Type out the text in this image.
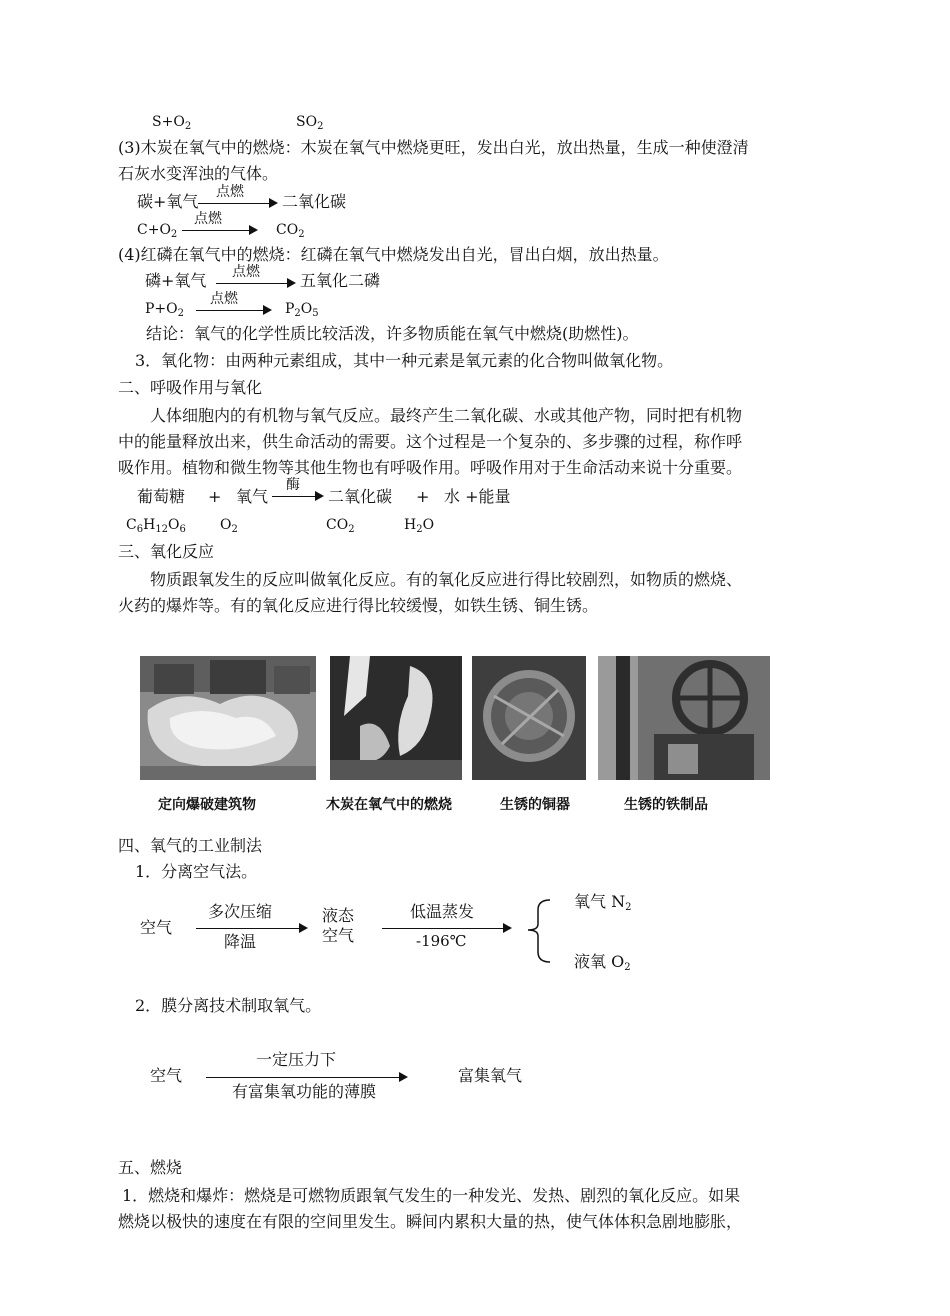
$S+O_2$	$SO_2$
(3)木炭在氧气中的燃烧：木炭在氧气中燃烧更旺，发出白光，放出热量，生成一种使澄清
石灰水变浑浊的气体。
碳+氧气 点燃 二氧化碳
$C+O_2$
点燃
$CO_2$
(4)红磷在氧气中的燃烧：红磷在氧气中燃烧发出自光，冒出白烟，放出热量。
磷+氧气 点燃	五氧化二磷
$P+O_2$
点燃
$P_2O_5$
结论：氧气的化学性质比较活泼，许多物质能在氧气中燃烧(助燃性)。
3．氧化物：由两种元素组成，其中一种元素是氧元素的化合物叫做氧化物。
二、呼吸作用与氧化
人体细胞内的有机物与氧气反应。最终产生二氧化碳、水或其他产物，同时把有机物
中的能量释放出来，供生命活动的需要。这个过程是一个复杂的、多步骤的过程，称作呼
吸作用。植物和微生物等其他生物也有呼吸作用。呼吸作用对于生命活动来说十分重要。
葡萄糖 + 氧气
酶
二氧化碳 + 水 +能量
$C_6H_{12}O_6$ $O_2$	$CO_2$	$H_2O$
三、氧化反应
物质跟氧发生的反应叫做氧化反应。有的氧化反应进行得比较剧烈，如物质的燃烧、
火药的爆炸等。有的氧化反应进行得比较缓慢，如铁生锈、铜生锈。
定向爆破建筑物	木炭在氧气中的燃烧	生锈的铜器	生锈的铁制品
四、氧气的工业制法
1．分离空气法。
空气
多次压缩
降温
液态
空气
低温蒸发
-196℃
氧气 $N_2$
液氧 $O_2$
2．膜分离技术制取氧气。
空气
一定压力下
有富集氧功能的薄膜
富集氧气
五、燃烧
1．燃烧和爆炸：燃烧是可燃物质跟氧气发生的一种发光、发热、剧烈的氧化反应。如果
燃烧以极快的速度在有限的空间里发生。瞬间内累积大量的热，使气体体积急剧地膨胀，
